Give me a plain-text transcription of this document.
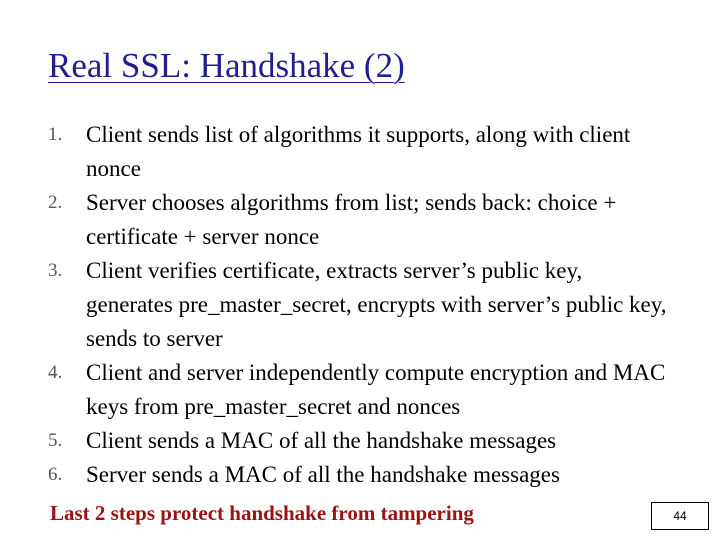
Real SSL: Handshake (2)
1.	Client sends list of algorithms it supports, along with client nonce
2.	Server chooses algorithms from list; sends back: choice + certificate + server nonce
3.	Client verifies certificate, extracts server’s public key, generates pre_master_secret, encrypts with server’s public key, sends to server
4.	Client and server independently compute encryption and MAC keys from pre_master_secret and nonces
5.	Client sends a MAC of all the handshake messages
6.	Server sends a MAC of all the handshake messages
Last 2 steps protect handshake from tampering	44
